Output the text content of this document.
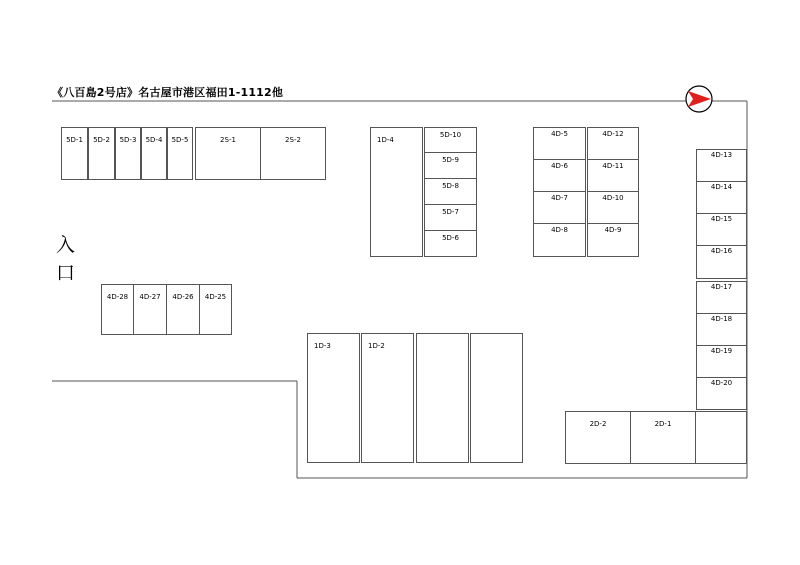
《八百島2号店》名古屋市港区福田1-1112他
入
口
5D-1	5D-2	5D-3	5D-4	5D-5	2S-1	2S-2	1D-4
5D-10
5D-9
5D-8
5D-7
5D-6
4D-5
4D-6
4D-7
4D-8
4D-12
4D-11
4D-10
4D-9
4D-13
4D-14
4D-15
4D-16
4D-17
4D-18
4D-19
4D-20
4D-28	4D-27	4D-26	4D-25
1D-3	1D-2
2D-2	2D-1
